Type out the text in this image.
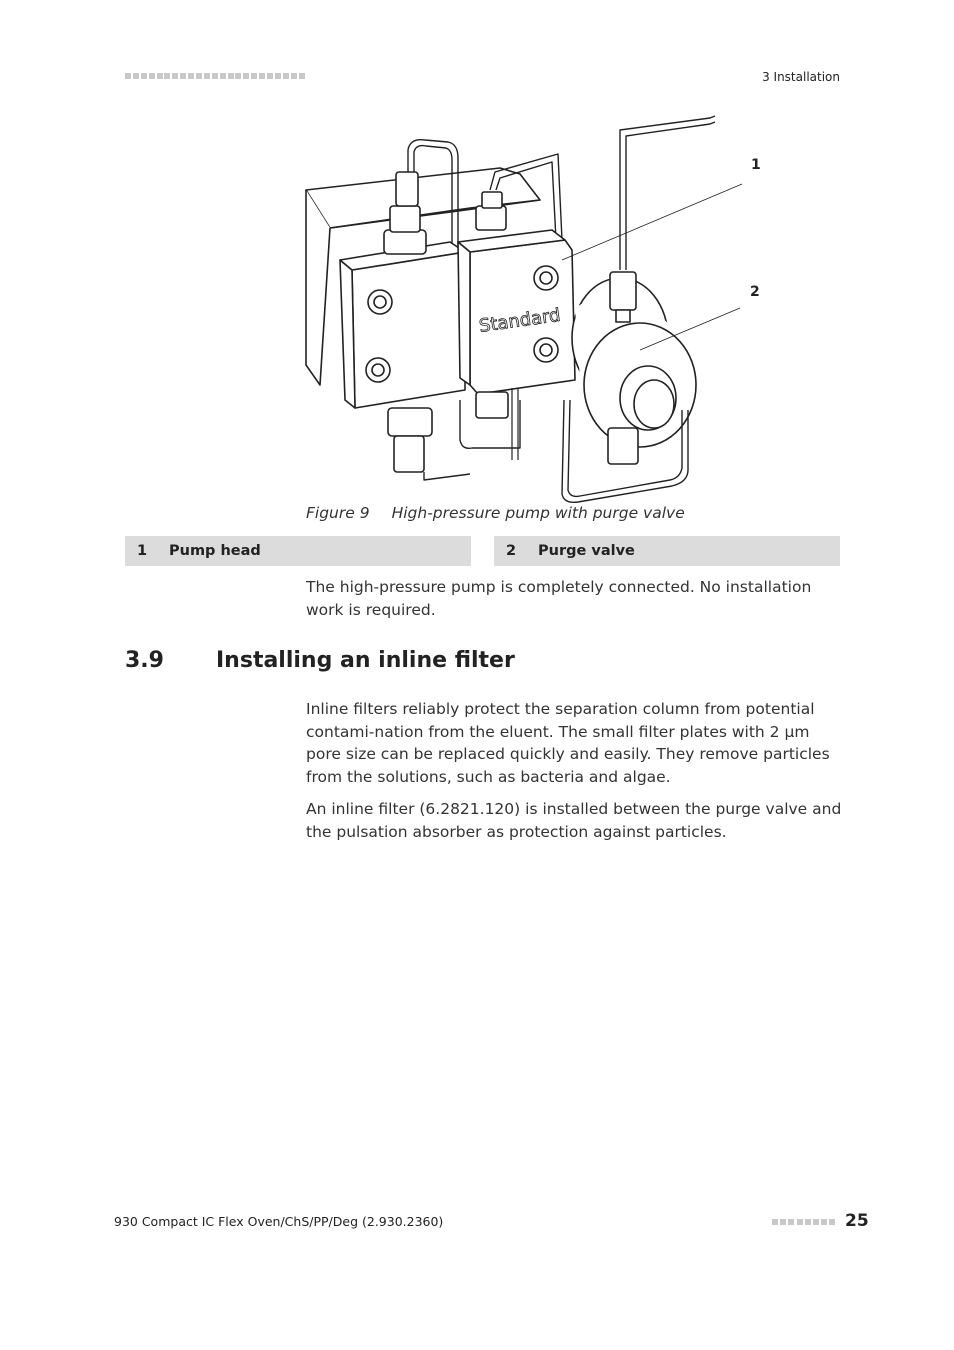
3 Installation
Standard
1
2
Figure 9 High-pressure pump with purge valve
1	Pump head	2	Purge valve
The high-pressure pump is completely connected. No installation work is required.
3.9 Installing an inline filter
Inline filters reliably protect the separation column from potential contami-nation from the eluent. The small filter plates with 2 μm pore size can be replaced quickly and easily. They remove particles from the solutions, such as bacteria and algae.
An inline filter (6.2821.120) is installed between the purge valve and the pulsation absorber as protection against particles.
930 Compact IC Flex Oven/ChS/PP/Deg (2.930.2360)	25
